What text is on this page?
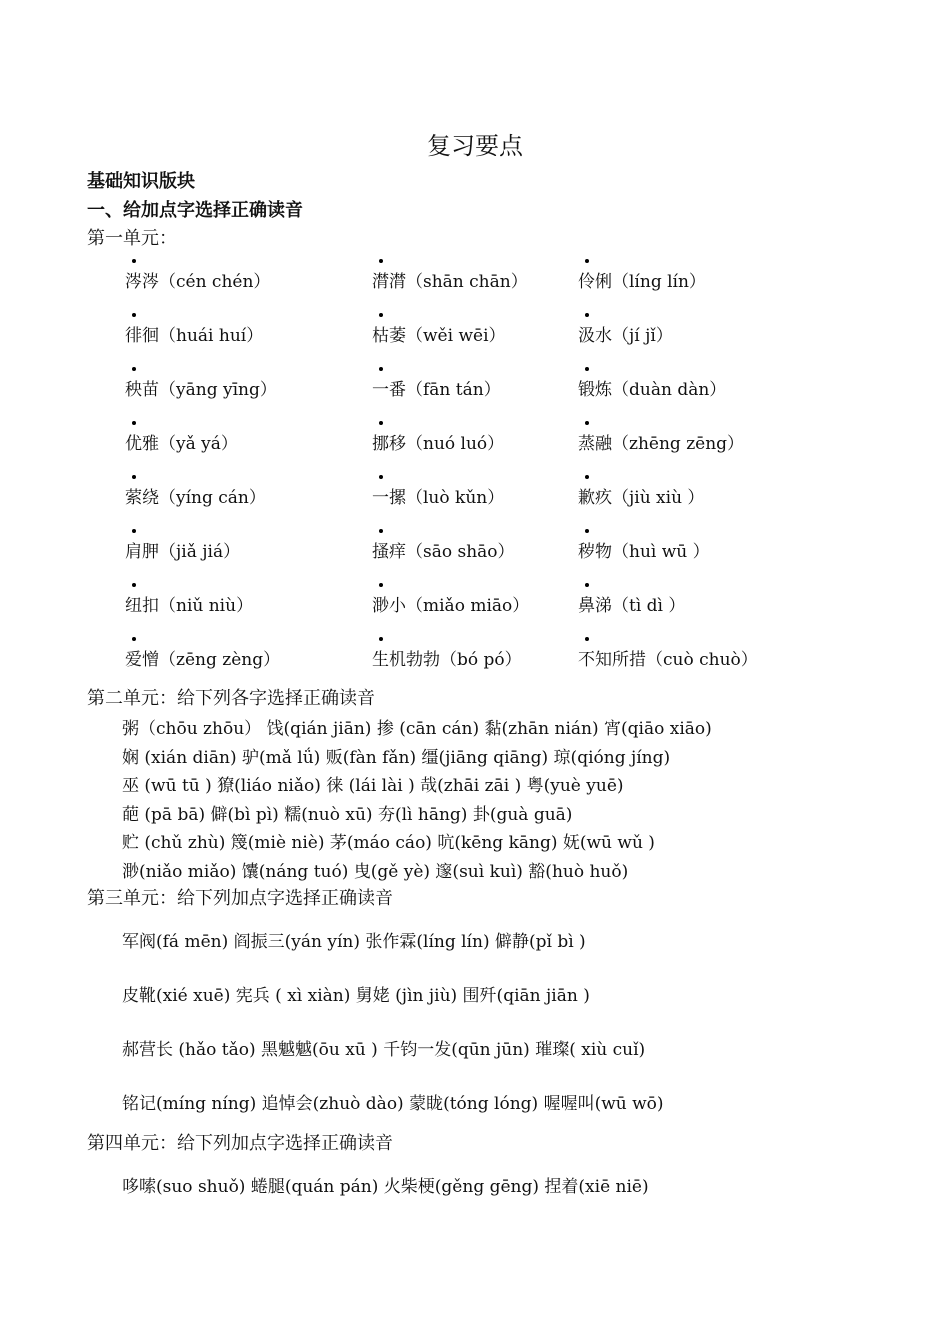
复习要点
基础知识版块
一、给加点字选择正确读音
第一单元：
涔涔（cén chén）	潸潸（shān chān）	伶俐（líng lín）
徘徊（huái huí）	枯萎（wěi wēi）	汲水（jí jǐ）
秧苗（yāng yīng）	一番（fān tán）	锻炼（duàn dàn）
优雅（yǎ yá）	挪移（nuó luó）	蒸融（zhēng zēng）
萦绕（yíng cán）	一摞（luò kǔn）	歉疚（jiù xiù ）
肩胛（jiǎ jiá）	搔痒（sāo shāo）	秽物（huì wū ）
纽扣（niǔ niù）	渺小（miǎo miāo）	鼻涕（tì dì ）
爱憎（zēng zèng）	生机勃勃（bó pó）	不知所措（cuò chuò）
第二单元：给下列各字选择正确读音
粥（chōu zhōu） 饯(qián jiān) 掺 (cān cán) 黏(zhān nián) 宵(qiāo xiāo)
娴 (xián diān) 驴(mǎ lǘ) 贩(fàn fǎn) 缰(jiāng qiāng) 琼(qióng jíng)
巫 (wū tū ) 獠(liáo niǎo) 徕 (lái lài ) 哉(zhāi zāi ) 粤(yuè yuē)
葩 (pā bā) 僻(bì pì) 糯(nuò xū) 夯(lì hāng) 卦(guà guā)
贮 (chǔ zhù) 篾(miè niè) 茅(máo cáo) 吭(kēng kāng) 妩(wū wǔ )
渺(niǎo miǎo) 馕(náng tuó) 曳(gě yè) 邃(suì kuì) 豁(huò huǒ)
第三单元：给下列加点字选择正确读音
军阀(fá mēn) 阎振三(yán yín) 张作霖(líng lín) 僻静(pǐ bì )
皮靴(xié xuē) 宪兵 ( xì xiàn) 舅姥 (jìn jiù) 围歼(qiān jiān )
郝营长 (hǎo tǎo) 黑魆魆(ōu xū ) 千钧一发(qūn jūn) 璀璨( xiù cuǐ)
铭记(míng níng) 追悼会(zhuò dào) 蒙眬(tóng lóng) 喔喔叫(wū wō)
第四单元：给下列加点字选择正确读音
哆嗦(suo shuǒ) 蜷腿(quán pán) 火柴梗(gěng gēng) 捏着(xiē niē)
